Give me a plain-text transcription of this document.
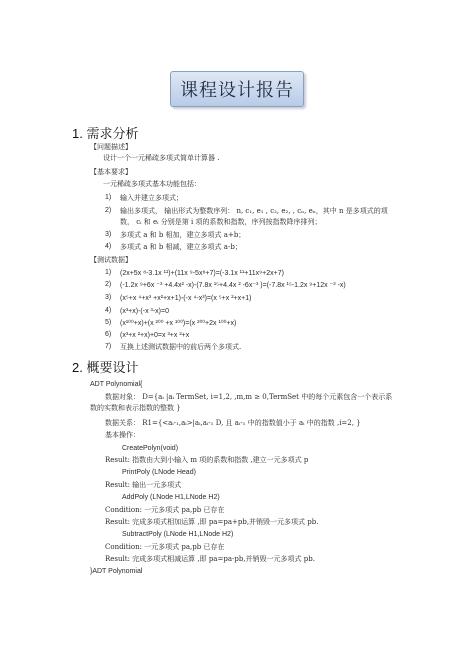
课程设计报告
1. 需求分析
【问题描述】
设计一个一元稀疏多项式简单计算器 .
【基本要求】
一元稀疏多项式基本功能包括：
1) 输入并建立多项式；
2) 输出多项式， 输出形式为整数序列： n, c₁, e₁ , c₂, e₂, , cₙ, eₙ，其中 n 是多项式的项
数， cᵢ 和 eᵢ 分别是第 i 项的系数和指数，序列按指数降序排列；
3) 多项式 a 和 b 相加，建立多项式 a+b；
4) 多项式 a 和 b 相减，建立多项式 a-b；
【测试数据】
1) (2x+5x ⁸-3.1x ¹¹)+(11x ⁹-5x⁸+7)=(-3.1x ¹¹+11x⁹+2x+7)
2) (-1.2x ⁹+6x ⁻³ +4.4x² -x)-(7.8x ¹⁵+4.4x ² -6x⁻³ )=(-7.8x ¹⁵-1.2x ⁹+12x ⁻³ -x)
3) (x⁵+x ⁴+x³ +x²+x+1)-(-x ⁴-x³)=(x ⁵+x ²+x+1)
4) (x³+x)-(-x ³-x)=0
5) (x¹⁰⁰+x)+(x ²⁰⁰ +x ¹⁰⁰)=(x ²⁰⁰+2x ¹⁰⁰+x)
6) (x³+x ²+x)+0=x ³+x ²+x
7) 互换上述测试数据中的前后两个多项式.
2. 概要设计
ADT Polynomial{
数据对象： D={aᵢ |aᵢ TermSet, i=1,2, ,m,m ≥ 0,TermSet 中的每个元素包含一个表示系
数的实数和表示指数的整数 }
数据关系： R1={<aᵢ-₁,aᵢ>|aᵢ,aᵢ-₁ D, 且 aᵢ-₁ 中的指数值小于 aᵢ 中的指数 ,i=2, }
基本操作：
CreatePolyn(void)
Result: 指数由大到小输入 m 项的系数和指数 ,建立一元多项式 p
PrintPoly (LNode Head)
Result: 输出一元多项式
AddPoly (LNode H1,LNode H2)
Condition: 一元多项式 pa,pb 已存在
Result: 完成多项式相加运算 ,即 pa=pa+pb,并销毁一元多项式 pb.
SubtractPoly (LNode H1,LNode H2)
Condition: 一元多项式 pa,pb 已存在
Result: 完成多项式相减运算 ,即 pa=pa-pb,并销毁一元多项式 pb.
}ADT Polynomial
